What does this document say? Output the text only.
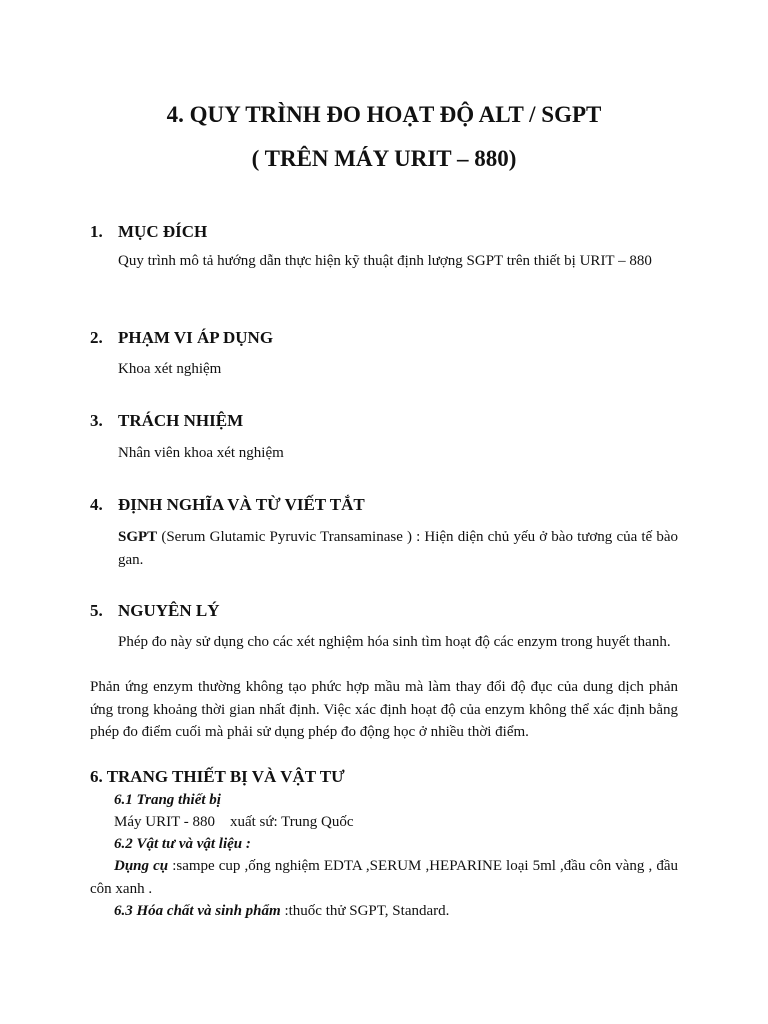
4. QUY TRÌNH ĐO HOẠT ĐỘ ALT / SGPT
( TRÊN MÁY URIT – 880)
1. MỤC ĐÍCH
Quy trình mô tả hướng dẫn thực hiện kỹ thuật định lượng SGPT trên thiết bị URIT – 880
2. PHẠM VI ÁP DỤNG
Khoa xét nghiệm
3. TRÁCH NHIỆM
Nhân viên khoa xét nghiệm
4. ĐỊNH NGHĨA VÀ TỪ VIẾT TẮT
SGPT (Serum Glutamic Pyruvic Transaminase ) : Hiện diện chủ yếu ở bào tương của tế bào gan.
5. NGUYÊN LÝ
Phép đo này sử dụng cho các xét nghiệm hóa sinh tìm hoạt độ các enzym trong huyết thanh.
Phản ứng enzym thường không tạo phức hợp mầu mà làm thay đổi độ đục của dung dịch phản ứng trong khoảng thời gian nhất định. Việc xác định hoạt độ của enzym không thể xác định bằng phép đo điểm cuối mà phải sử dụng phép đo động học ở nhiều thời điểm.
6. TRANG THIẾT BỊ VÀ VẬT TƯ
6.1 Trang thiết bị
Máy URIT - 880    xuất sứ: Trung Quốc
6.2 Vật tư và vật liệu :
Dụng cụ :sampe cup ,ống nghiệm EDTA ,SERUM ,HEPARINE loại 5ml ,đầu côn vàng , đầu côn xanh .
6.3 Hóa chất và sinh phẩm :thuốc thử SGPT, Standard.
